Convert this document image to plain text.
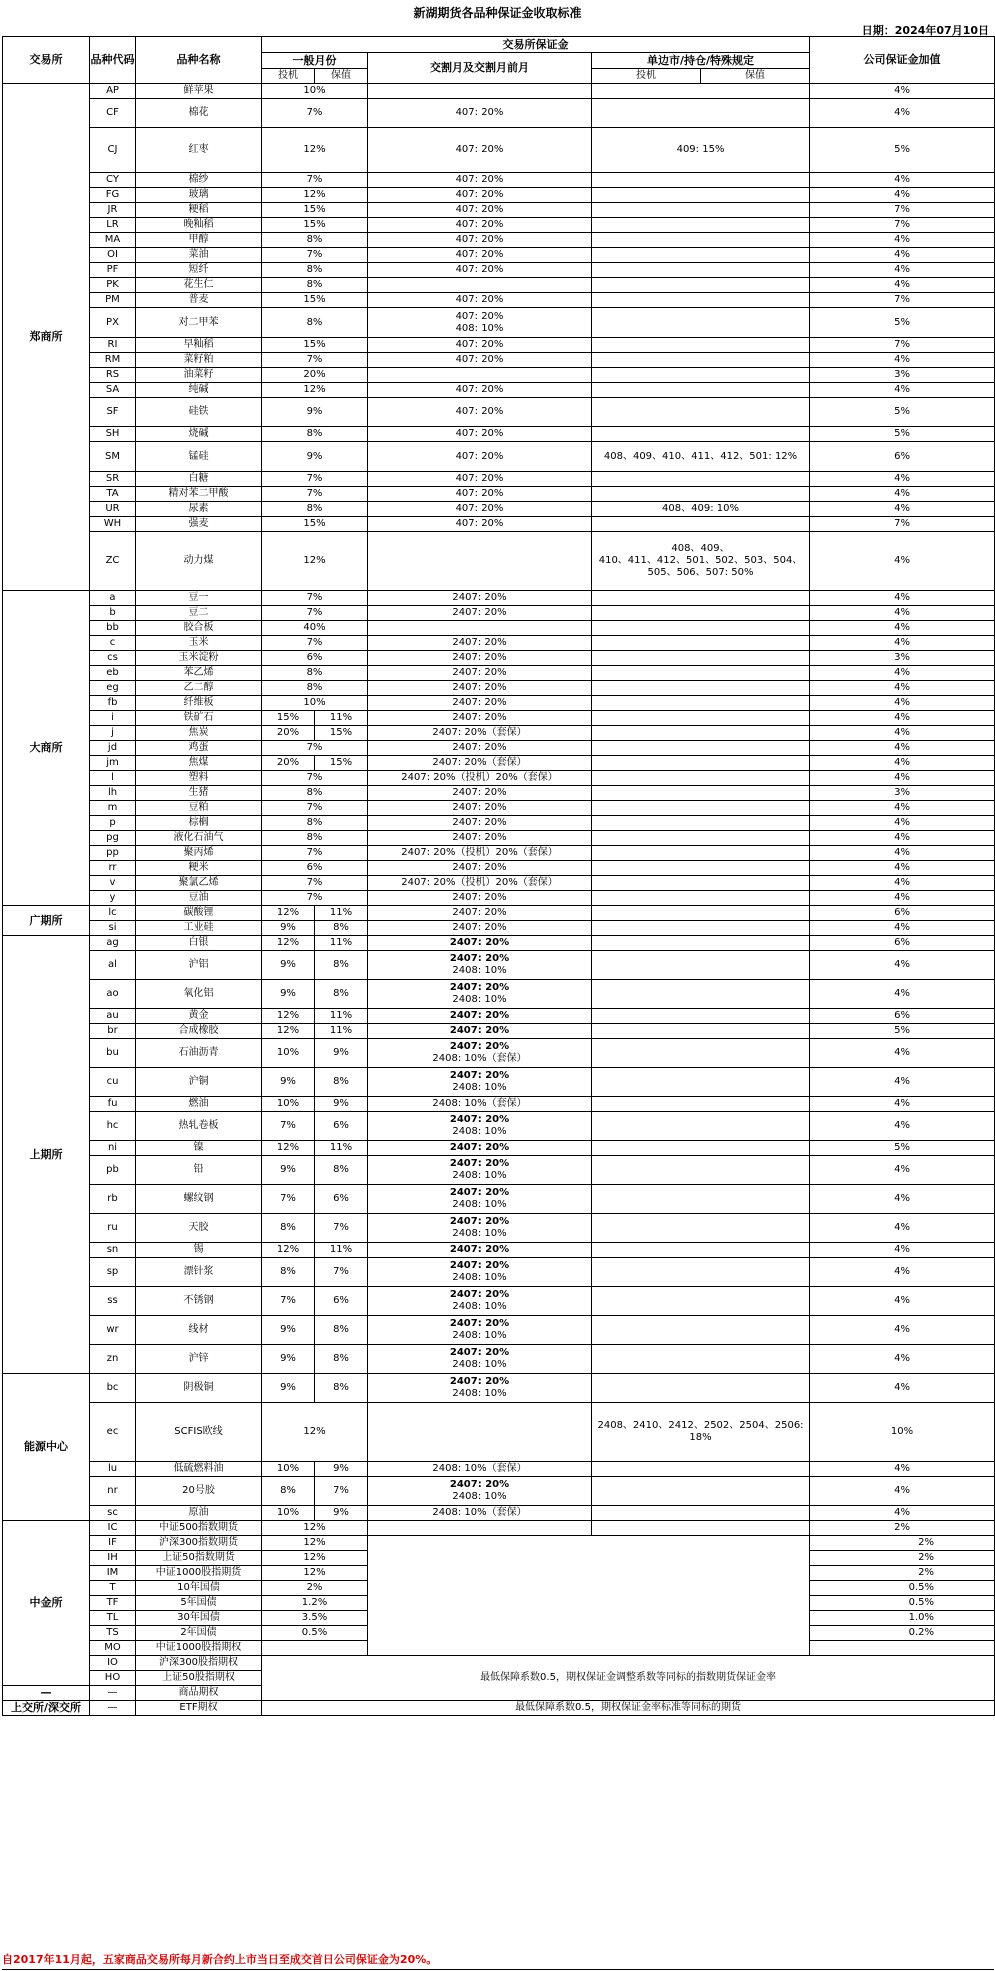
新湖期货各品种保证金收取标准
日期：2024年07月10日
交易所	品种代码	品种名称	交易所保证金					公司保证金加值
			一般月份		交割月及交割月前月	单边市/持仓/特殊规定		
			投机	保值		投机	保值	
郑商所	AP	鲜苹果	10%					4%
	CF	棉花	7%		407: 20%			4%
	CJ	红枣	12%		407: 20%	409: 15%		5%
	CY	棉纱	7%		407: 20%			4%
	FG	玻璃	12%		407: 20%			4%
	JR	粳稻	15%		407: 20%			7%
	LR	晚籼稻	15%		407: 20%			7%
	MA	甲醇	8%		407: 20%			4%
	OI	菜油	7%		407: 20%			4%
	PF	短纤	8%		407: 20%			4%
	PK	花生仁	8%					4%
	PM	普麦	15%		407: 20%			7%
	PX	对二甲苯	8%		407: 20%
408: 10%			5%
	RI	早籼稻	15%		407: 20%			7%
	RM	菜籽粕	7%		407: 20%			4%
	RS	油菜籽	20%					3%
	SA	纯碱	12%		407: 20%			4%
	SF	硅铁	9%		407: 20%			5%
	SH	烧碱	8%		407: 20%			5%
	SM	锰硅	9%		407: 20%	408、409、410、411、412、501: 12%		6%
	SR	白糖	7%		407: 20%			4%
	TA	精对苯二甲酸	7%		407: 20%			4%
	UR	尿素	8%		407: 20%	408、409: 10%		4%
	WH	强麦	15%		407: 20%			7%
	ZC	动力煤	12%			408、409、
410、411、412、501、502、503、504、
505、506、507: 50%		4%
大商所	a	豆一	7%		2407: 20%			4%
	b	豆二	7%		2407: 20%			4%
	bb	胶合板	40%					4%
	c	玉米	7%		2407: 20%			4%
	cs	玉米淀粉	6%		2407: 20%			3%
	eb	苯乙烯	8%		2407: 20%			4%
	eg	乙二醇	8%		2407: 20%			4%
	fb	纤维板	10%		2407: 20%			4%
	i	铁矿石	15%	11%	2407: 20%			4%
	j	焦炭	20%	15%	2407: 20%（套保）			4%
	jd	鸡蛋	7%		2407: 20%			4%
	jm	焦煤	20%	15%	2407: 20%（套保）			4%
	l	塑料	7%		2407: 20%（投机）20%（套保）			4%
	lh	生猪	8%		2407: 20%			3%
	m	豆粕	7%		2407: 20%			4%
	p	棕榈	8%		2407: 20%			4%
	pg	液化石油气	8%		2407: 20%			4%
	pp	聚丙烯	7%		2407: 20%（投机）20%（套保）			4%
	rr	粳米	6%		2407: 20%			4%
	v	聚氯乙烯	7%		2407: 20%（投机）20%（套保）			4%
	y	豆油	7%		2407: 20%			4%
广期所	lc	碳酸锂	12%	11%	2407: 20%			6%
	si	工业硅	9%	8%	2407: 20%			4%
上期所	ag	白银	12%	11%	2407: 20%			6%
	al	沪铝	9%	8%	2407: 20%
2408: 10%			4%
	ao	氧化铝	9%	8%	2407: 20%
2408: 10%			4%
	au	黄金	12%	11%	2407: 20%			6%
	br	合成橡胶	12%	11%	2407: 20%			5%
	bu	石油沥青	10%	9%	2407: 20%
2408: 10%（套保）			4%
	cu	沪铜	9%	8%	2407: 20%
2408: 10%			4%
	fu	燃油	10%	9%	2408: 10%（套保）			4%
	hc	热轧卷板	7%	6%	2407: 20%
2408: 10%			4%
	ni	镍	12%	11%	2407: 20%			5%
	pb	铅	9%	8%	2407: 20%
2408: 10%			4%
	rb	螺纹钢	7%	6%	2407: 20%
2408: 10%			4%
	ru	天胶	8%	7%	2407: 20%
2408: 10%			4%
	sn	锡	12%	11%	2407: 20%			4%
	sp	漂针浆	8%	7%	2407: 20%
2408: 10%			4%
	ss	不锈钢	7%	6%	2407: 20%
2408: 10%			4%
	wr	线材	9%	8%	2407: 20%
2408: 10%			4%
	zn	沪锌	9%	8%	2407: 20%
2408: 10%			4%
能源中心	bc	阴极铜	9%	8%	2407: 20%
2408: 10%			4%
	ec	SCFIS欧线	12%			2408、2410、2412、2502、2504、2506:
18%		10%
	lu	低硫燃料油	10%	9%	2408: 10%（套保）			4%
	nr	20号胶	8%	7%	2407: 20%
2408: 10%			4%
	sc	原油	10%	9%	2408: 10%（套保）			4%
中金所	IC	中证500指数期货	12%					2%
	IF	沪深300指数期货	12%					2%
	IH	上证50指数期货	12%					2%
	IM	中证1000股指期货	12%					2%
	T	10年国债	2%					0.5%
	TF	5年国债	1.2%					0.5%
	TL	30年国债	3.5%					1.0%
	TS	2年国债	0.5%					0.2%
	MO	中证1000股指期权						
	IO	沪深300股指期权	最低保障系数0.5，期权保证金调整系数等同标的指数期货保证金率					
	HO	上证50股指期权						
—	—	商品期权						
上交所/深交所	—	ETF期权	最低保障系数0.5，期权保证金率标准等同标的期货					
自2017年11月起，五家商品交易所每月新合约上市当日至成交首日公司保证金为20%。
